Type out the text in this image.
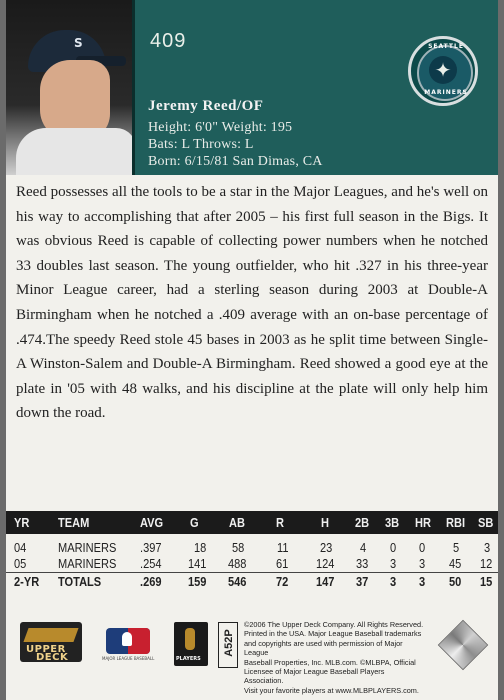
S	409	SEATTLE
✦
MARINERS
Jeremy Reed/OF
Height: 6'0" Weight: 195
Bats: L Throws: L
Born: 6/15/81 San Dimas, CA
Reed possesses all the tools to be a star in the Major Leagues, and he's well on his way to accomplishing that after 2005 – his first full season in the Bigs. It was obvious Reed is capable of collecting power numbers when he notched 33 doubles last season. The young outfielder, who hit .327 in his three-year Minor League career, had a sterling season during 2003 at Double-A Birmingham when he notched a .409 average with an on-base percentage of .474.The speedy Reed stole 45 bases in 2003 as he split time between Single-A Winston-Salem and Double-A Birmingham. Reed showed a good eye at the plate in '05 with 48 walks, and his discipline at the plate will only help him down the road.
YR TEAM	AVG G AB R	H 2B 3B HR RBI SB
04 MARINERS .397 18 58	11 23 4 0 0 5 3
05 MARINERS .254 141 488 61 124 33 3 3 45 12
2-YR TOTALS	.269 159 546 72 147 37 3 3 50 15
UPPER
DECK	MAJOR LEAGUE BASEBALL	PLAYERS
A52P
©2006 The Upper Deck Company. All Rights Reserved.
Printed in the USA. Major League Baseball trademarks
and copyrights are used with permission of Major League
Baseball Properties, Inc. MLB.com. ©MLBPA, Official
Licensee of Major League Baseball Players Association.
Visit your favorite players at www.MLBPLAYERS.com.
